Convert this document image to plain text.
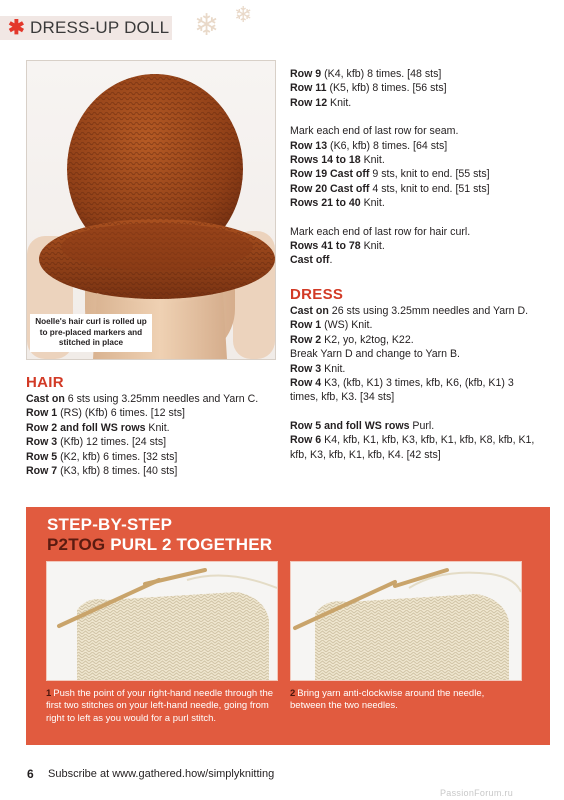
✱ DRESS-UP DOLL ❄ ❄
Noelle's hair curl is rolled up to pre-placed markers and stitched in place
HAIR

Cast on 6 sts using 3.25mm needles and Yarn C.

Row 1 (RS) (Kfb) 6 times. [12 sts]

Row 2 and foll WS rows Knit.

Row 3 (Kfb) 12 times. [24 sts]

Row 5 (K2, kfb) 6 times. [32 sts]

Row 7 (K3, kfb) 8 times. [40 sts]

Row 9 (K4, kfb) 8 times. [48 sts]

Row 11 (K5, kfb) 8 times. [56 sts]

Row 12 Knit.

Mark each end of last row for seam.

Row 13 (K6, kfb) 8 times. [64 sts]

Rows 14 to 18 Knit.

Row 19 Cast off 9 sts, knit to end. [55 sts]

Row 20 Cast off 4 sts, knit to end. [51 sts]

Rows 21 to 40 Knit.

Mark each end of last row for hair curl.

Rows 41 to 78 Knit.

Cast off.

DRESS

Cast on 26 sts using 3.25mm needles and Yarn D.

Row 1 (WS) Knit.

Row 2 K2, yo, k2tog, K22.

Break Yarn D and change to Yarn B.

Row 3 Knit.

Row 4 K3, (kfb, K1) 3 times, kfb, K6, (kfb, K1) 3 times, kfb, K3. [34 sts]

Row 5 and foll WS rows Purl.

Row 6 K4, kfb, K1, kfb, K3, kfb, K1, kfb, K8, kfb, K1, kfb, K3, kfb, K1, kfb, K4. [42 sts]

STEP-BY-STEP
P2TOG PURL 2 TOGETHER
1 Push the point of your right-hand needle through the first two stitches on your left-hand needle, going from right to left as you would for a purl stitch.
2 Bring yarn anti-clockwise around the needle, between the two needles.
6 Subscribe at www.gathered.how/simplyknitting
PassionForum.ru
